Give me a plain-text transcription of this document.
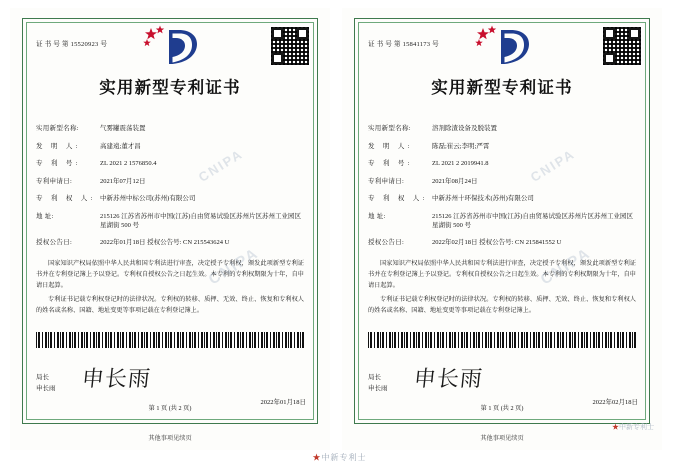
证 书 号 第 15520923 号
实用新型专利证书
实用新型名称:	气雾罐震荡装置
发 明 人:	高建遠;董才昌
专 利 号:	ZL 2021 2 1576850.4
专利申请日:	2021年07月12日
专 利 权 人: 中新苏州中标公司(苏州)有限公司
地 址:	215126 江苏省苏州市中国(江苏)自由贸易试验区苏州片区苏州工业园区星湖街 500 号
授权公告日:	2022年01月18日 授权公告号: CN 215543624 U

国家知识产权局依照中华人民共和国专利法进行审查，决定授予专利权，颁发此项新型专利证书并在专利登记簿上予以登记。专利权自授权公告之日起生效。本专利的专利权期限为十年，自申请日起算。

专利证书记载专利权登记时的法律状况。专利权的转移、质押、无效、终止、恢复和专利权人的姓名或名称、国籍、地址变更等事项记载在专利登记簿上。

局长
申长雨 申长雨
2022年01月18日
第 1 页 (共 2 页)
CNIPA
CNIPA
其他事项见续页
证 书 号 第 15841173 号
实用新型专利证书
实用新型名称:	溶剂除渣设备及脱装置
发 明 人:	陈磊;崔云;李明;严霄
专 利 号:	ZL 2021 2 2019941.8
专利申请日:	2021年08月24日
专 利 权 人: 中新苏州十环保技术(苏州)有限公司
地 址:	215126 江苏省苏州市中国(江苏)自由贸易试验区苏州片区苏州工业园区星湖街 500 号
授权公告日:	2022年02月18日 授权公告号: CN 215841552 U

国家知识产权局依照中华人民共和国专利法进行审查，决定授予专利权，颁发此项新型专利证书并在专利登记簿上予以登记。专利权自授权公告之日起生效。本专利的专利权期限为十年，自申请日起算。

专利证书记载专利权登记时的法律状况。专利权的转移、质押、无效、终止、恢复和专利权人的姓名或名称、国籍、地址变更等事项记载在专利登记簿上。

局长
申长雨 申长雨
2022年02月18日
第 1 页 (共 2 页)
CNIPA
CNIPA
其他事项见续页
★中新专利士
★中新专利士
